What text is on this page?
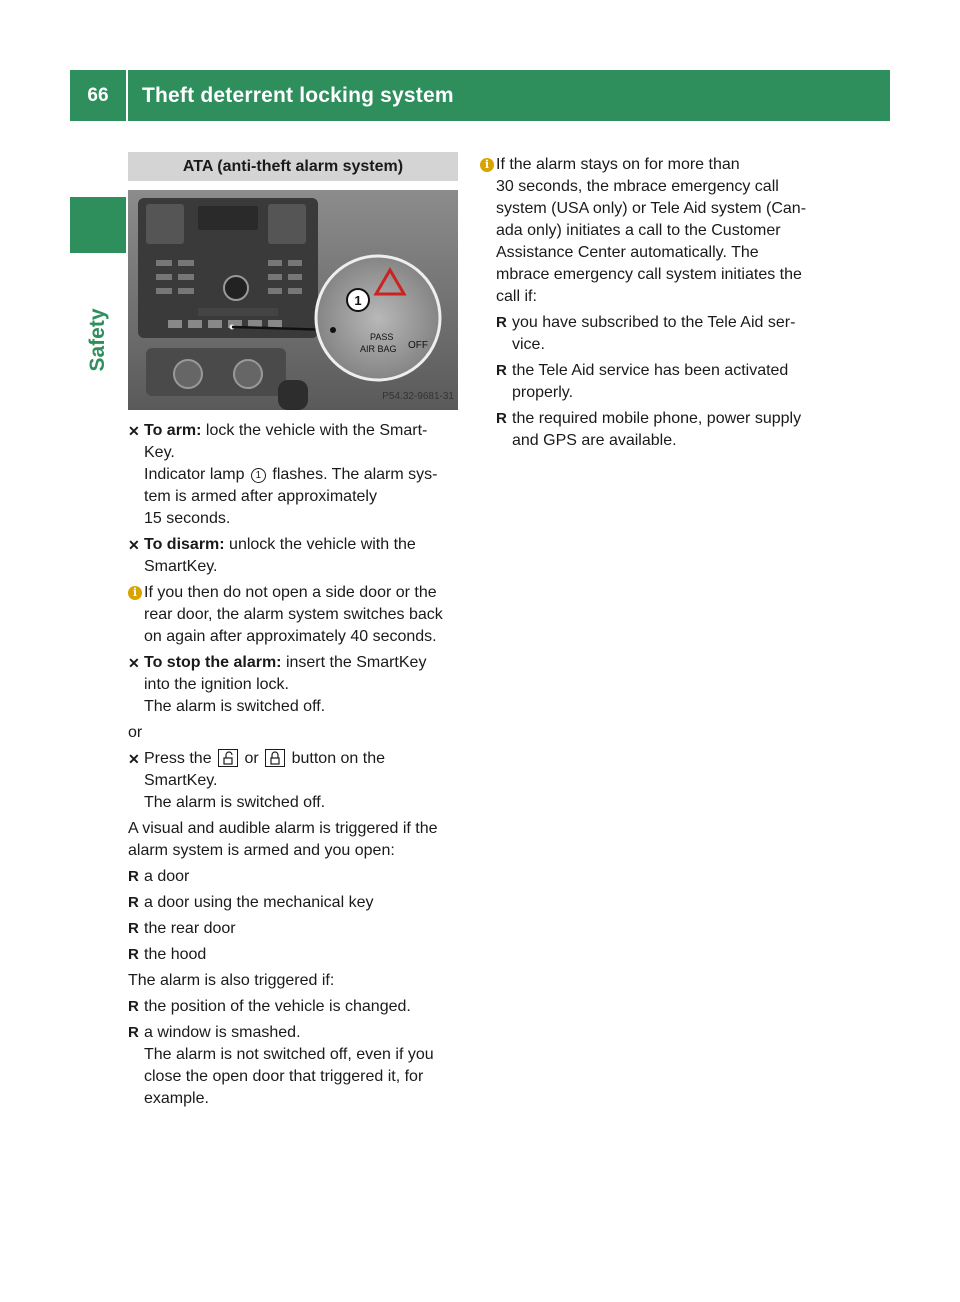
66	Theft deterrent locking system
Safety
ATA (anti-theft alarm system)
1
PASS
AIR BAG OFF
P54.32-9681-31
✕ To arm: lock the vehicle with the Smart-
Key.
Indicator lamp 1 flashes. The alarm sys-
tem is armed after approximately
15 seconds.
✕ To disarm: unlock the vehicle with the
SmartKey.
i If you then do not open a side door or the
rear door, the alarm system switches back
on again after approximately 40 seconds.
✕ To stop the alarm: insert the SmartKey
into the ignition lock.
The alarm is switched off.
or
✕ Press the  or  button on the
SmartKey.
The alarm is switched off.
A visual and audible alarm is triggered if the
alarm system is armed and you open:
R a door
R a door using the mechanical key
R the rear door
R the hood
The alarm is also triggered if:
R the position of the vehicle is changed.
R a window is smashed.
The alarm is not switched off, even if you
close the open door that triggered it, for
example.
i If the alarm stays on for more than
30 seconds, the mbrace emergency call
system (USA only) or Tele Aid system (Can-
ada only) initiates a call to the Customer
Assistance Center automatically. The
mbrace emergency call system initiates the
call if:
R you have subscribed to the Tele Aid ser-
vice.
R the Tele Aid service has been activated
properly.
R the required mobile phone, power supply
and GPS are available.
